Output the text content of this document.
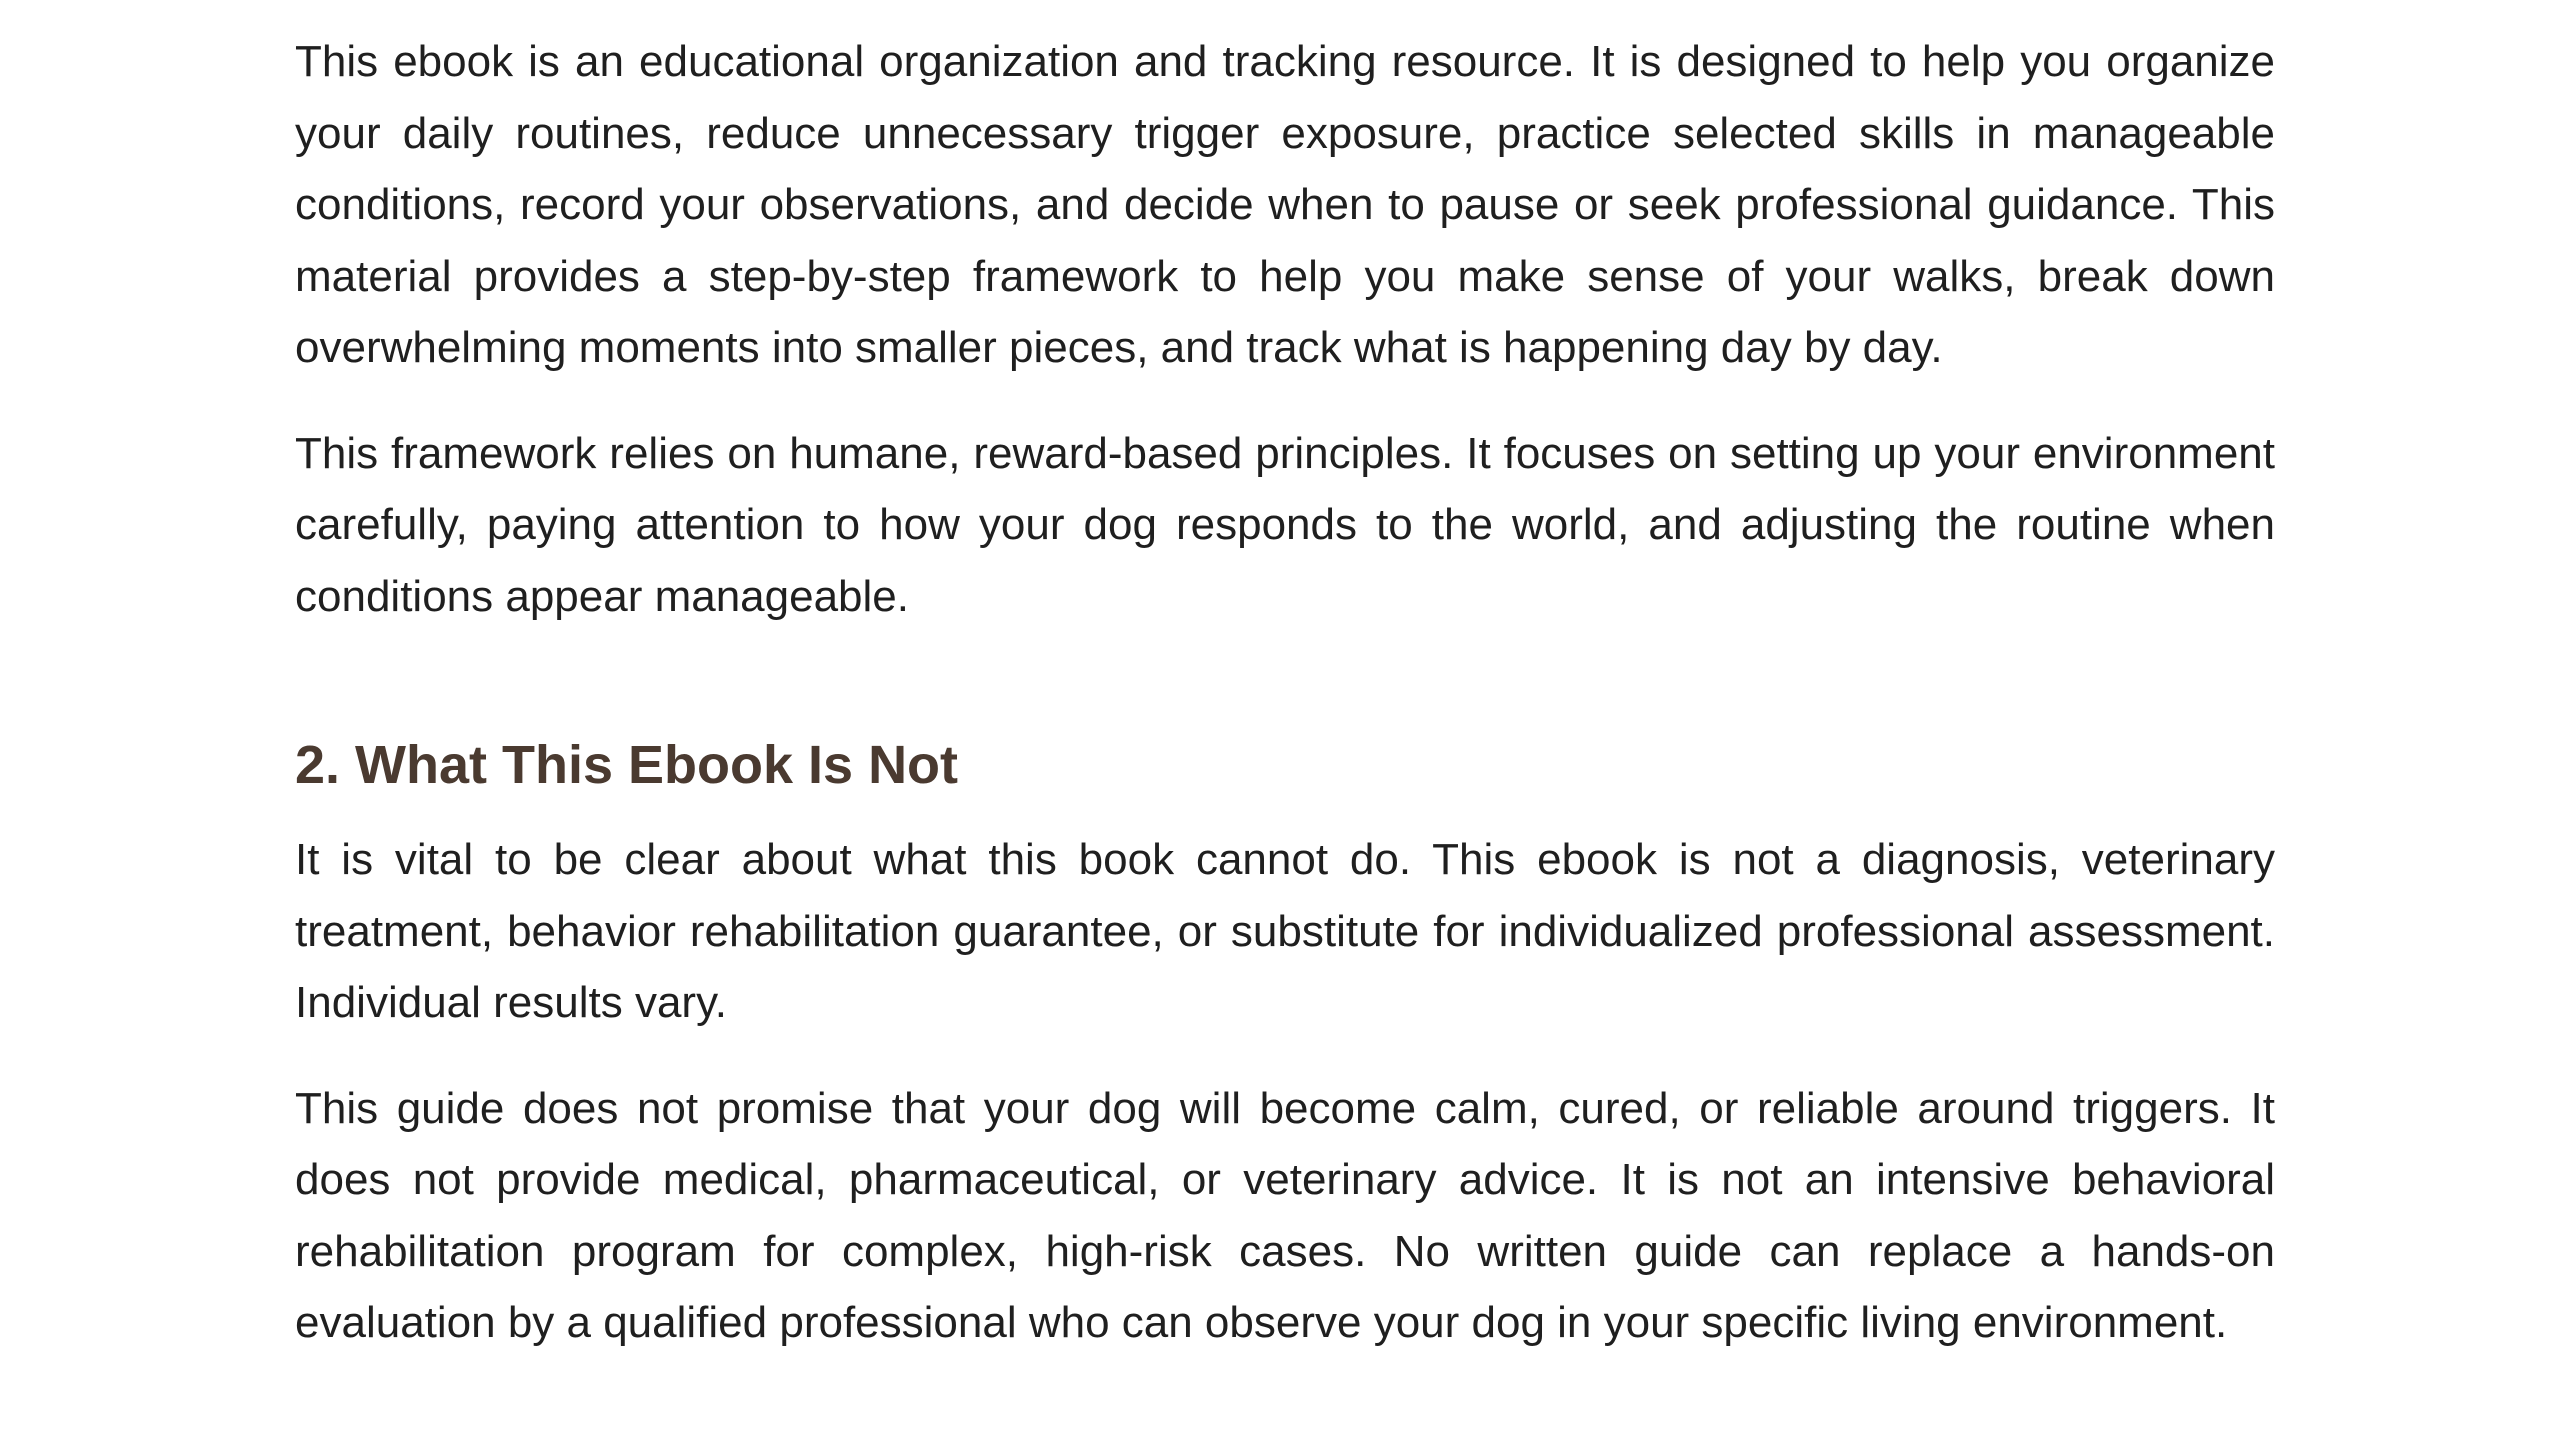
This ebook is an educational organization and tracking resource. It is designed to help you organize your daily routines, reduce unnecessary trigger exposure, practice selected skills in manageable conditions, record your observations, and decide when to pause or seek professional guidance. This material provides a step-by-step framework to help you make sense of your walks, break down overwhelming moments into smaller pieces, and track what is happening day by day.

This framework relies on humane, reward-based principles. It focuses on setting up your environment carefully, paying attention to how your dog responds to the world, and adjusting the routine when conditions appear manageable.

2. What This Ebook Is Not

It is vital to be clear about what this book cannot do. This ebook is not a diagnosis, veterinary treatment, behavior rehabilitation guarantee, or substitute for individualized professional assessment. Individual results vary.

This guide does not promise that your dog will become calm, cured, or reliable around triggers. It does not provide medical, pharmaceutical, or veterinary advice. It is not an intensive behavioral rehabilitation program for complex, high-risk cases. No written guide can replace a hands-on evaluation by a qualified professional who can observe your dog in your specific living environment.
